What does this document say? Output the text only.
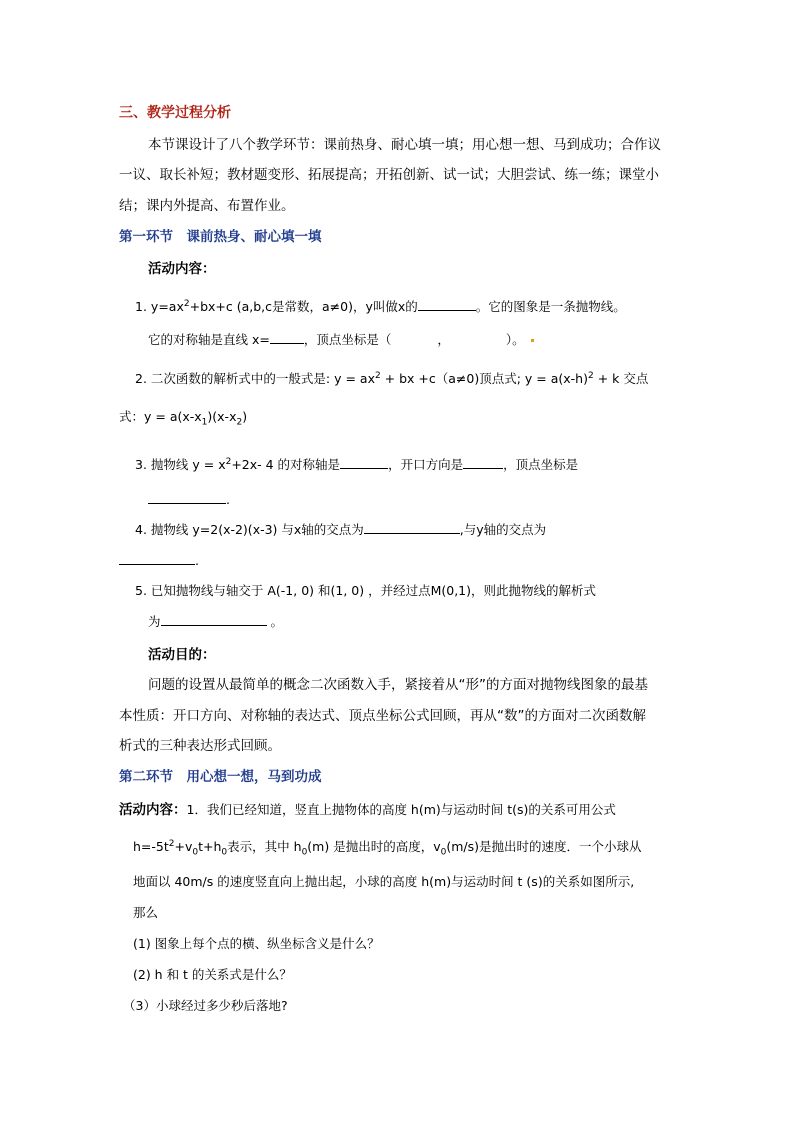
三、教学过程分析
本节课设计了八个教学环节：课前热身、耐心填一填；用心想一想、马到成功；合作议
一议、取长补短；教材题变形、拓展提高；开拓创新、试一试；大胆尝试、练一练；课堂小
结；课内外提高、布置作业。
第一环节　课前热身、耐心填一填
活动内容：
1. $y=ax^2+bx+c$ (a,b,c是常数，a≠0)，y叫做x的	。它的图象是一条抛物线。
它的对称轴是直线 x=	，顶点坐标是（	，	）。
2. 二次函数的解析式中的一般式是: $y = ax^2$ + bx +c（a≠0)顶点式; $y = a(x-h)^2 + k$ 交点
式：$y = a(x-x_1)(x-x_2)$
3. 抛物线 $y = x^2+2x-$ 4 的对称轴是	，开口方向是	，顶点坐标是
.
4. 抛物线 y=2(x-2)(x-3) 与x轴的交点为	,与y轴的交点为
.
5. 已知抛物线与轴交于 A(-1, 0) 和(1, 0) ，并经过点M(0,1)，则此抛物线的解析式
为	。
活动目的：
问题的设置从最简单的概念二次函数入手，紧接着从“形”的方面对抛物线图象的最基
本性质：开口方向、对称轴的表达式、顶点坐标公式回顾，再从“数”的方面对二次函数解
析式的三种表达形式回顾。
第二环节　用心想一想，马到功成
活动内容：1．我们已经知道，竖直上抛物体的高度 h(m)与运动时间 t(s)的关系可用公式
$h=-5t^2+v_0t+h_0$表示，其中 $h_0(m)$ 是抛出时的高度，$v_0(m/s)$是抛出时的速度．一个小球从
地面以 40m/s 的速度竖直向上抛出起，小球的高度 h(m)与运动时间 t (s)的关系如图所示,
那么
(1) 图象上每个点的横、纵坐标含义是什么？
(2) h 和 t 的关系式是什么？
（3）小球经过多少秒后落地?
